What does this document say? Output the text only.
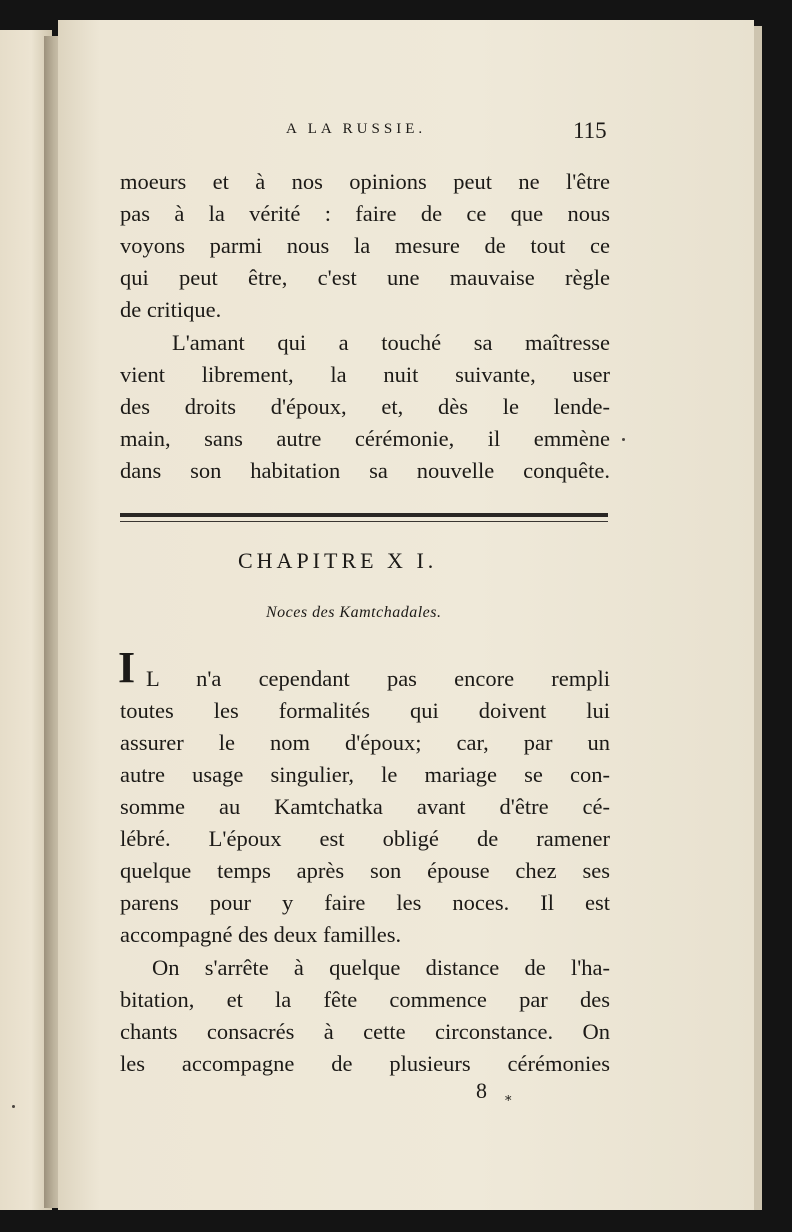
A LA RUSSIE.	115
moeurs et à nos opinions peut ne l'être
pas à la vérité : faire de ce que nous
voyons parmi nous la mesure de tout ce
qui peut être, c'est une mauvaise règle
de critique.
L'amant qui a touché sa maîtresse
vient librement, la nuit suivante, user
des droits d'époux, et, dès le lende-
main, sans autre cérémonie, il emmène
dans son habitation sa nouvelle conquête.
CHAPITRE X I.
Noces des Kamtchadales.
I L n'a cependant pas encore rempli
toutes les formalités qui doivent lui
assurer le nom d'époux; car, par un
autre usage singulier, le mariage se con-
somme au Kamtchatka avant d'être cé-
lébré. L'époux est obligé de ramener
quelque temps après son épouse chez ses
parens pour y faire les noces. Il est
accompagné des deux familles.
On s'arrête à quelque distance de l'ha-
bitation, et la fête commence par des
chants consacrés à cette circonstance. On
les accompagne de plusieurs cérémonies
8 *
